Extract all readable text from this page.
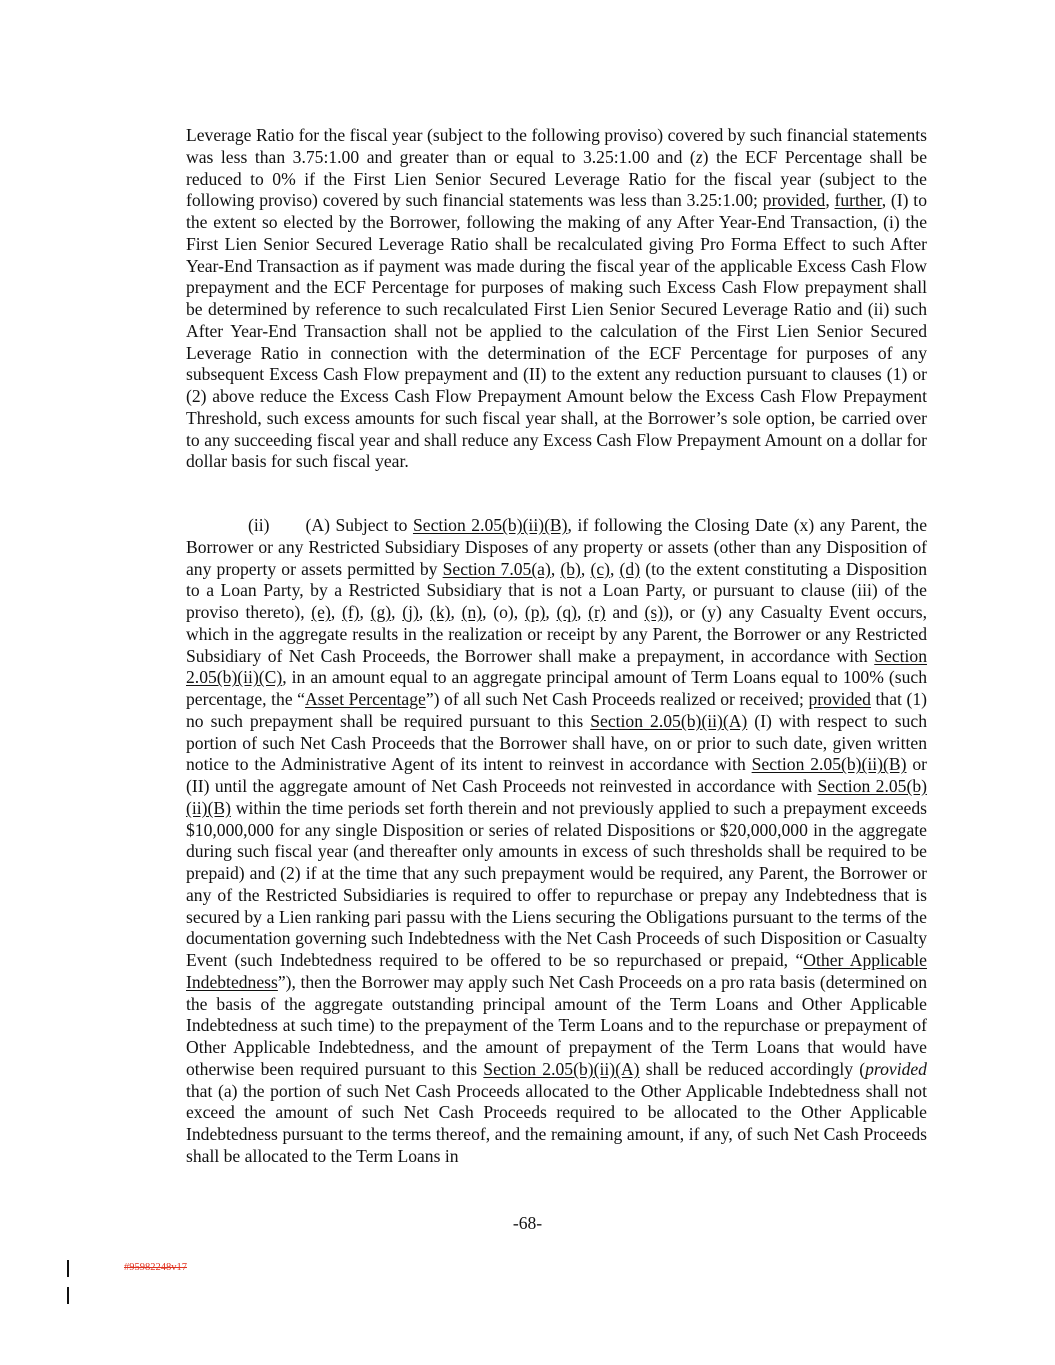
Leverage Ratio for the fiscal year (subject to the following proviso) covered by such financial statements was less than 3.75:1.00 and greater than or equal to 3.25:1.00 and (z) the ECF Percentage shall be reduced to 0% if the First Lien Senior Secured Leverage Ratio for the fiscal year (subject to the following proviso) covered by such financial statements was less than 3.25:1.00; provided, further, (I) to the extent so elected by the Borrower, following the making of any After Year-End Transaction, (i) the First Lien Senior Secured Leverage Ratio shall be recalculated giving Pro Forma Effect to such After Year-End Transaction as if payment was made during the fiscal year of the applicable Excess Cash Flow prepayment and the ECF Percentage for purposes of making such Excess Cash Flow prepayment shall be determined by reference to such recalculated First Lien Senior Secured Leverage Ratio and (ii) such After Year-End Transaction shall not be applied to the calculation of the First Lien Senior Secured Leverage Ratio in connection with the determination of the ECF Percentage for purposes of any subsequent Excess Cash Flow prepayment and (II) to the extent any reduction pursuant to clauses (1) or (2) above reduce the Excess Cash Flow Prepayment Amount below the Excess Cash Flow Prepayment Threshold, such excess amounts for such fiscal year shall, at the Borrower’s sole option, be carried over to any succeeding fiscal year and shall reduce any Excess Cash Flow Prepayment Amount on a dollar for dollar basis for such fiscal year.
(ii) (A) Subject to Section 2.05(b)(ii)(B), if following the Closing Date (x) any Parent, the Borrower or any Restricted Subsidiary Disposes of any property or assets (other than any Disposition of any property or assets permitted by Section 7.05(a), (b), (c), (d) (to the extent constituting a Disposition to a Loan Party, by a Restricted Subsidiary that is not a Loan Party, or pursuant to clause (iii) of the proviso thereto), (e), (f), (g), (j), (k), (n), (o), (p), (q), (r) and (s)), or (y) any Casualty Event occurs, which in the aggregate results in the realization or receipt by any Parent, the Borrower or any Restricted Subsidiary of Net Cash Proceeds, the Borrower shall make a prepayment, in accordance with Section 2.05(b)(ii)(C), in an amount equal to an aggregate principal amount of Term Loans equal to 100% (such percentage, the “Asset Percentage”) of all such Net Cash Proceeds realized or received; provided that (1) no such prepayment shall be required pursuant to this Section 2.05(b)(ii)(A) (I) with respect to such portion of such Net Cash Proceeds that the Borrower shall have, on or prior to such date, given written notice to the Administrative Agent of its intent to reinvest in accordance with Section 2.05(b)(ii)(B) or (II) until the aggregate amount of Net Cash Proceeds not reinvested in accordance with Section 2.05(b)(ii)(B) within the time periods set forth therein and not previously applied to such a prepayment exceeds $10,000,000 for any single Disposition or series of related Dispositions or $20,000,000 in the aggregate during such fiscal year (and thereafter only amounts in excess of such thresholds shall be required to be prepaid) and (2) if at the time that any such prepayment would be required, any Parent, the Borrower or any of the Restricted Subsidiaries is required to offer to repurchase or prepay any Indebtedness that is secured by a Lien ranking pari passu with the Liens securing the Obligations pursuant to the terms of the documentation governing such Indebtedness with the Net Cash Proceeds of such Disposition or Casualty Event (such Indebtedness required to be offered to be so repurchased or prepaid, “Other Applicable Indebtedness”), then the Borrower may apply such Net Cash Proceeds on a pro rata basis (determined on the basis of the aggregate outstanding principal amount of the Term Loans and Other Applicable Indebtedness at such time) to the prepayment of the Term Loans and to the repurchase or prepayment of Other Applicable Indebtedness, and the amount of prepayment of the Term Loans that would have otherwise been required pursuant to this Section 2.05(b)(ii)(A) shall be reduced accordingly (provided that (a) the portion of such Net Cash Proceeds allocated to the Other Applicable Indebtedness shall not exceed the amount of such Net Cash Proceeds required to be allocated to the Other Applicable Indebtedness pursuant to the terms thereof, and the remaining amount, if any, of such Net Cash Proceeds shall be allocated to the Term Loans in
-68-
#95982248v17
